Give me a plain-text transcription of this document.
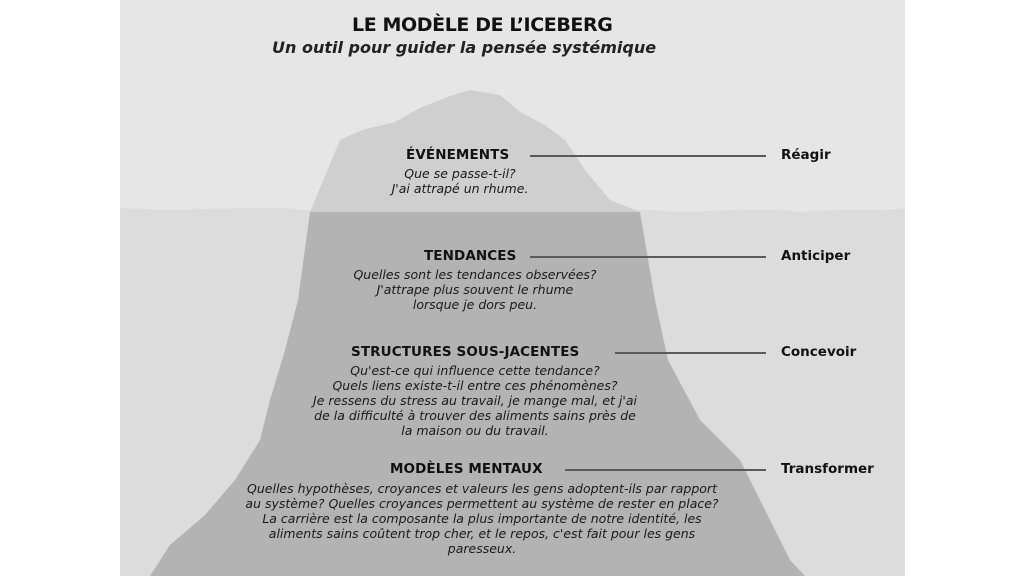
LE MODÈLE DE L’ICEBERG
Un outil pour guider la pensée systémique
ÉVÉNEMENTS	Réagir
Que se passe-t-il?
J'ai attrapé un rhume.
TENDANCES	Anticiper
Quelles sont les tendances observées?
J'attrape plus souvent le rhume
lorsque je dors peu.
STRUCTURES SOUS-JACENTES	Concevoir
Qu'est-ce qui influence cette tendance?
Quels liens existe-t-il entre ces phénomènes?
Je ressens du stress au travail, je mange mal, et j'ai
de la difficulté à trouver des aliments sains près de
la maison ou du travail.
MODÈLES MENTAUX	Transformer
Quelles hypothèses, croyances et valeurs les gens adoptent-ils par rapport
au système? Quelles croyances permettent au système de rester en place?
La carrière est la composante la plus importante de notre identité, les
aliments sains coûtent trop cher, et le repos, c'est fait pour les gens
paresseux.
